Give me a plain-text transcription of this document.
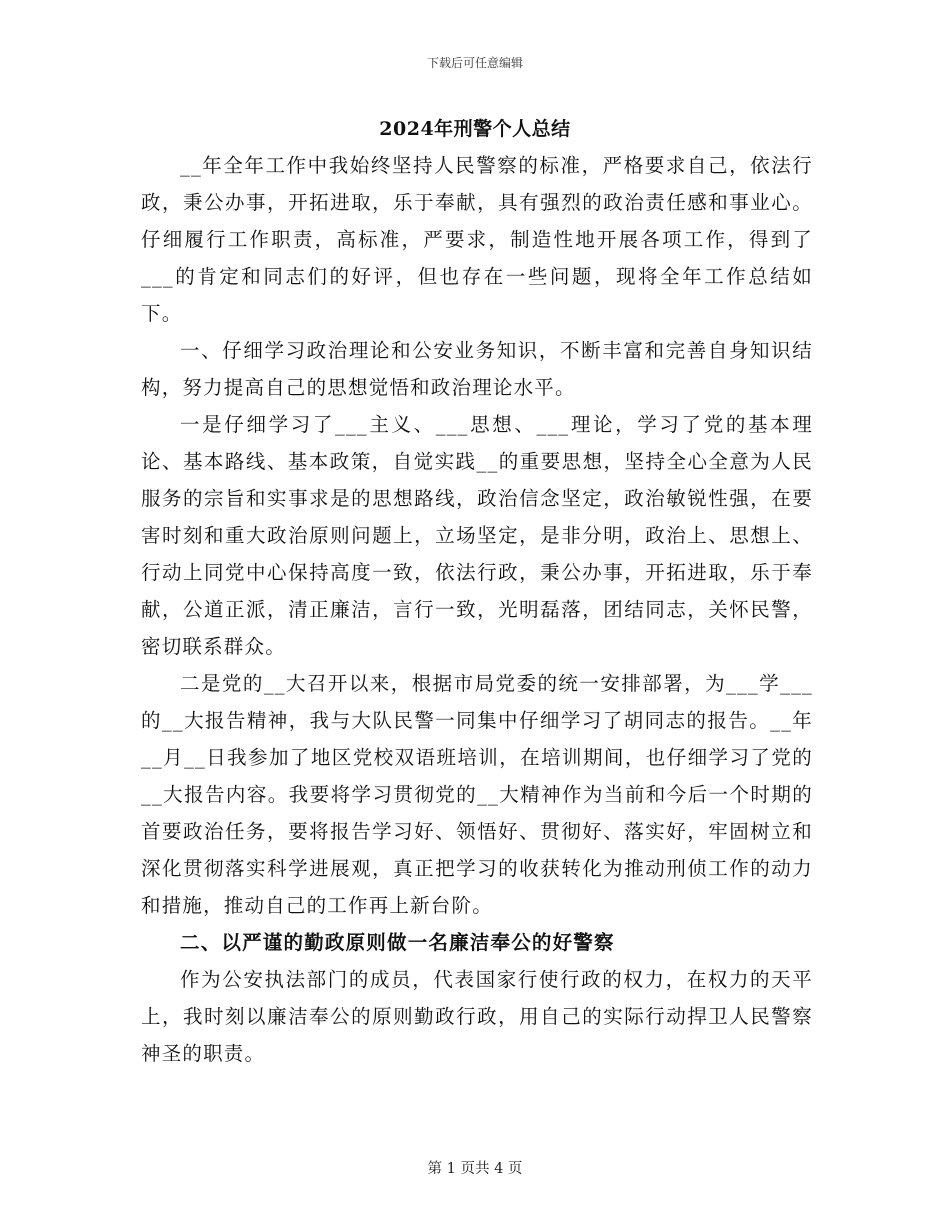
下载后可任意编辑
2024年刑警个人总结

__年全年工作中我始终坚持人民警察的标准，严格要求自己，依法行政，秉公办事，开拓进取，乐于奉献，具有强烈的政治责任感和事业心。仔细履行工作职责，高标准，严要求，制造性地开展各项工作，得到了___的肯定和同志们的好评，但也存在一些问题，现将全年工作总结如下。

一、仔细学习政治理论和公安业务知识，不断丰富和完善自身知识结构，努力提高自己的思想觉悟和政治理论水平。

一是仔细学习了___主义、___思想、___理论，学习了党的基本理论、基本路线、基本政策，自觉实践__的重要思想，坚持全心全意为人民服务的宗旨和实事求是的思想路线，政治信念坚定，政治敏锐性强，在要害时刻和重大政治原则问题上，立场坚定，是非分明，政治上、思想上、行动上同党中心保持高度一致，依法行政，秉公办事，开拓进取，乐于奉献，公道正派，清正廉洁，言行一致，光明磊落，团结同志，关怀民警，密切联系群众。

二是党的__大召开以来，根据市局党委的统一安排部署，为___学___的__大报告精神，我与大队民警一同集中仔细学习了胡同志的报告。__年__月__日我参加了地区党校双语班培训，在培训期间，也仔细学习了党的__大报告内容。我要将学习贯彻党的__大精神作为当前和今后一个时期的首要政治任务，要将报告学习好、领悟好、贯彻好、落实好，牢固树立和深化贯彻落实科学进展观，真正把学习的收获转化为推动刑侦工作的动力和措施，推动自己的工作再上新台阶。

二、以严谨的勤政原则做一名廉洁奉公的好警察

作为公安执法部门的成员，代表国家行使行政的权力，在权力的天平上，我时刻以廉洁奉公的原则勤政行政，用自己的实际行动捍卫人民警察神圣的职责。

第 1 页共 4 页
